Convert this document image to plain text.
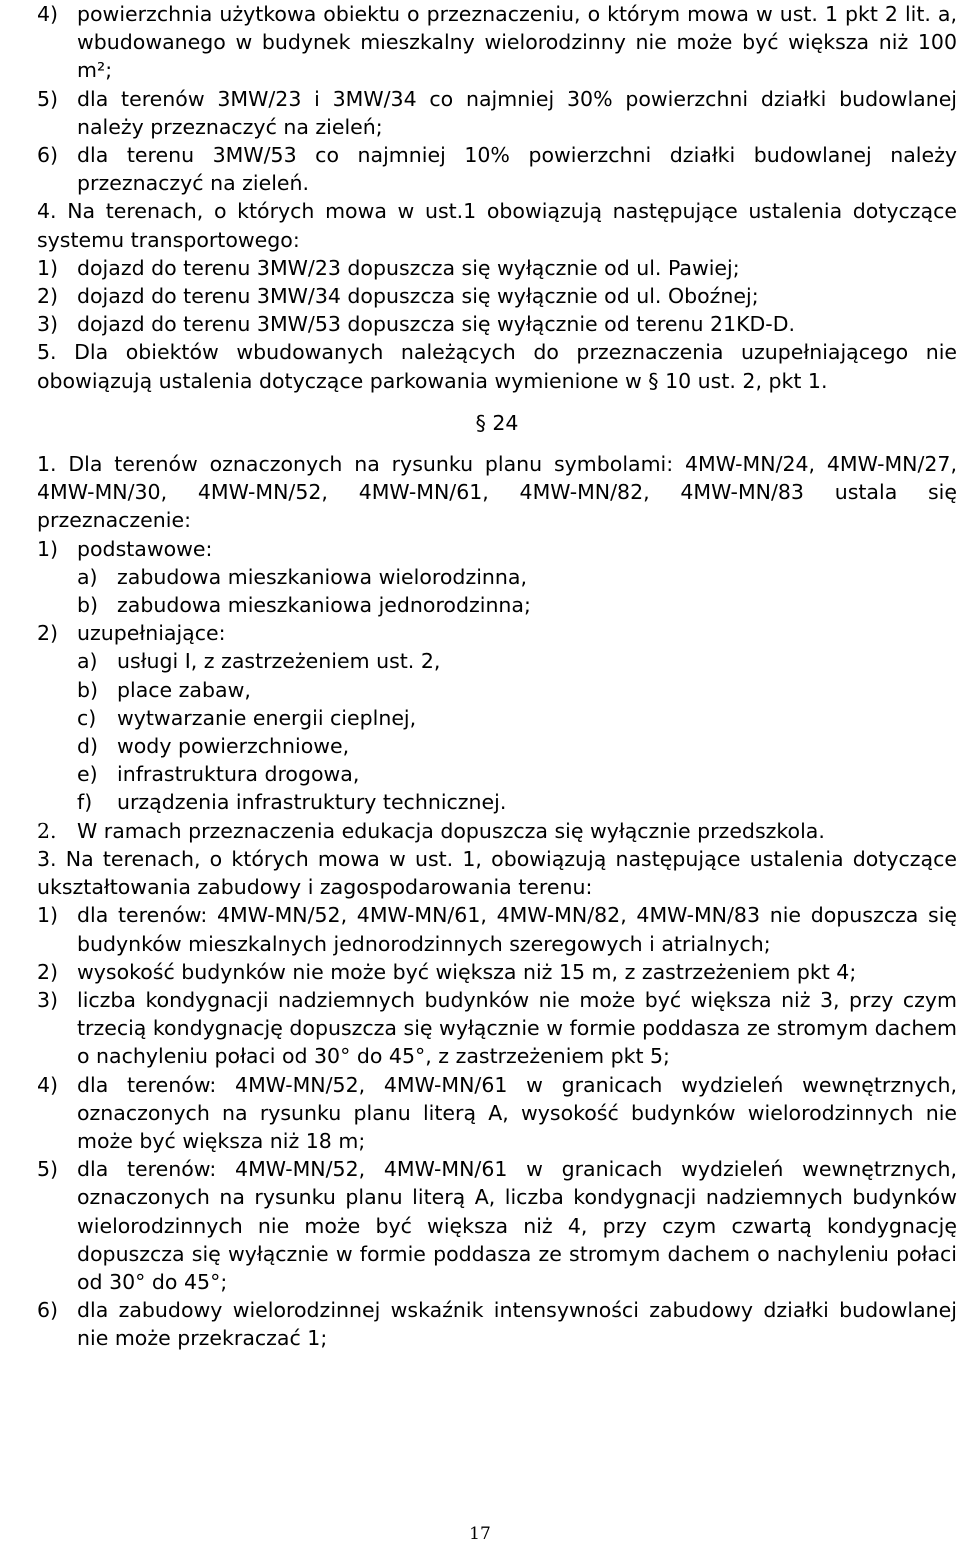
4) powierzchnia użytkowa obiektu o przeznaczeniu, o którym mowa w ust. 1 pkt 2 lit. a, wbudowanego w budynek mieszkalny wielorodzinny nie może być większa niż 100 m²;
5) dla terenów 3MW/23 i 3MW/34 co najmniej 30% powierzchni działki budowlanej należy przeznaczyć na zieleń;
6) dla terenu 3MW/53 co najmniej 10% powierzchni działki budowlanej należy przeznaczyć na zieleń.

4. Na terenach, o których mowa w ust.1 obowiązują następujące ustalenia dotyczące systemu transportowego:

1) dojazd do terenu 3MW/23 dopuszcza się wyłącznie od ul. Pawiej;
2) dojazd do terenu 3MW/34 dopuszcza się wyłącznie od ul. Oboźnej;
3) dojazd do terenu 3MW/53 dopuszcza się wyłącznie od terenu 21KD-D.

5. Dla obiektów wbudowanych należących do przeznaczenia uzupełniającego nie obowiązują ustalenia dotyczące parkowania wymienione w § 10 ust. 2, pkt 1.

§ 24

1. Dla terenów oznaczonych na rysunku planu symbolami: 4MW-MN/24, 4MW-MN/27, 4MW-MN/30, 4MW-MN/52, 4MW-MN/61, 4MW-MN/82, 4MW-MN/83 ustala się przeznaczenie:

1) podstawowe:
a) zabudowa mieszkaniowa wielorodzinna,
b) zabudowa mieszkaniowa jednorodzinna;
2) uzupełniające:
a) usługi I, z zastrzeżeniem ust. 2,
b) place zabaw,
c)	wytwarzanie energii cieplnej,
d) wody powierzchniowe,
e) infrastruktura drogowa,
f)	urządzenia infrastruktury technicznej.
2. W ramach przeznaczenia edukacja dopuszcza się wyłącznie przedszkola.

3. Na terenach, o których mowa w ust. 1, obowiązują następujące ustalenia dotyczące ukształtowania zabudowy i zagospodarowania terenu:

1) dla terenów: 4MW-MN/52, 4MW-MN/61, 4MW-MN/82, 4MW-MN/83 nie dopuszcza się budynków mieszkalnych jednorodzinnych szeregowych i atrialnych;
2) wysokość budynków nie może być większa niż 15 m, z zastrzeżeniem pkt 4;
3) liczba kondygnacji nadziemnych budynków nie może być większa niż 3, przy czym trzecią kondygnację dopuszcza się wyłącznie w formie poddasza ze stromym dachem o nachyleniu połaci od 30° do 45°, z zastrzeżeniem pkt 5;
4) dla terenów: 4MW-MN/52, 4MW-MN/61 w granicach wydzieleń wewnętrznych, oznaczonych na rysunku planu literą A, wysokość budynków wielorodzinnych nie może być większa niż 18 m;
5) dla terenów: 4MW-MN/52, 4MW-MN/61 w granicach wydzieleń wewnętrznych, oznaczonych na rysunku planu literą A, liczba kondygnacji nadziemnych budynków wielorodzinnych nie może być większa niż 4, przy czym czwartą kondygnację dopuszcza się wyłącznie w formie poddasza ze stromym dachem o nachyleniu połaci od 30° do 45°;
6) dla zabudowy wielorodzinnej wskaźnik intensywności zabudowy działki budowlanej nie może przekraczać 1;
17
